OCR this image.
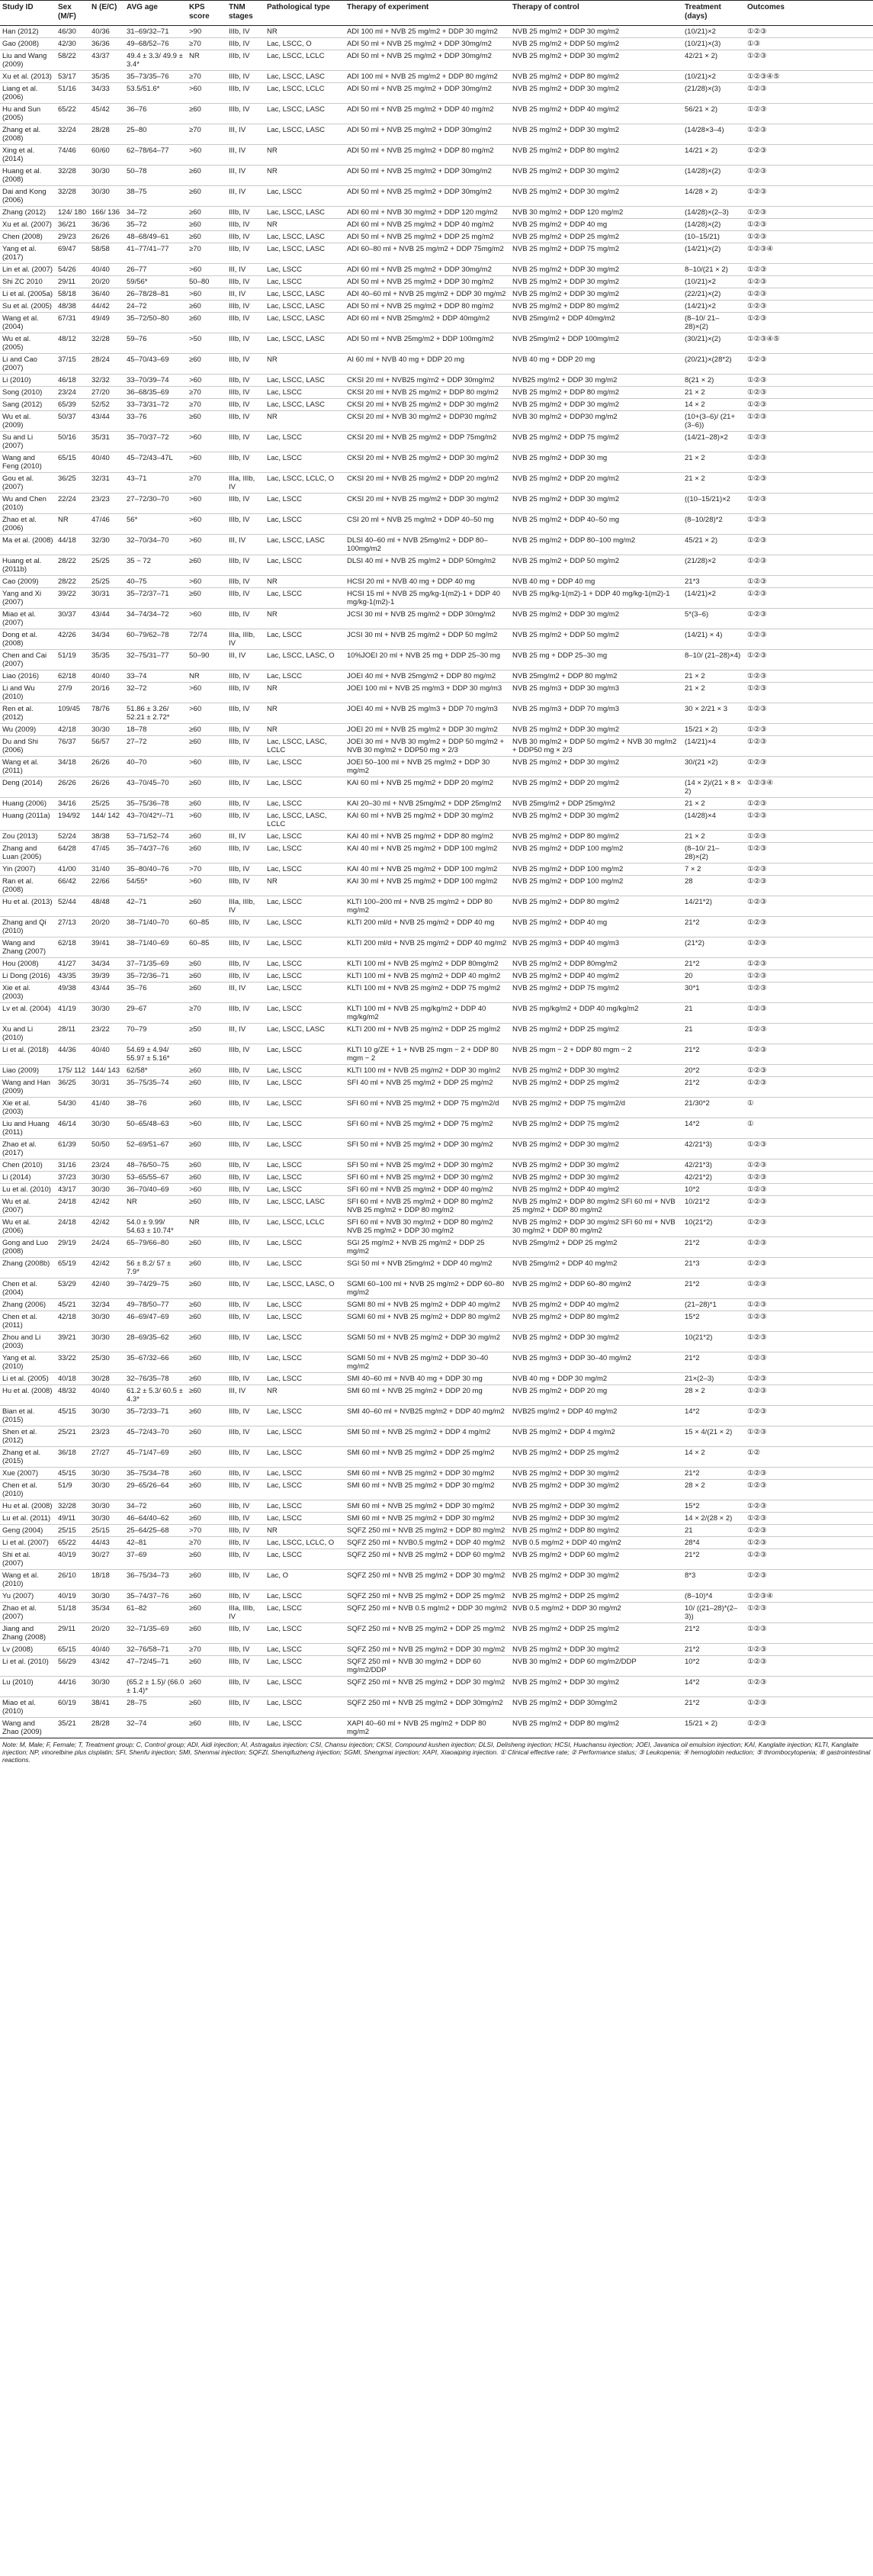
Study ID	Sex (M/F)	N (E/C)	AVG age	KPS score	TNM stages	Pathological type	Therapy of experiment	Therapy of control	Treatment (days)	Outcomes
Han (2012)	46/30	40/36	31–69/32–71	>90	IIIb, IV	NR	ADI 100 ml + NVB 25 mg/m2 + DDP 30 mg/m2	NVB 25 mg/m2 + DDP 30 mg/m2	(10/21)×2	①②③
Gao (2008)	42/30	36/36	49–68/52–76	≥70	IIIb, IV	Lac, LSCC, O	ADI 50 ml + NVB 25 mg/m2 + DDP 30mg/m2	NVB 25 mg/m2 + DDP 50 mg/m2	(10/21)×(3)	①③
Liu and Wang (2009)	58/22	43/37	49.4 ± 3.3/ 49.9 ± 3.4*	NR	IIIb, IV	Lac, LSCC, LCLC	ADI 50 ml + NVB 25 mg/m2 + DDP 30mg/m2	NVB 25 mg/m2 + DDP 30 mg/m2	42/21 × 2)	①②③
Xu et al. (2013)	53/17	35/35	35–73/35–76	≥70	IIIb, IV	Lac, LSCC, LASC	ADI 100 ml + NVB 25 mg/m2 + DDP 80 mg/m2	NVB 25 mg/m2 + DDP 80 mg/m2	(10/21)×2	①②③④⑤
Liang et al. (2006)	51/16	34/33	53.5/51.6*	>60	IIIb, IV	Lac, LSCC, LCLC	ADI 50 ml + NVB 25 mg/m2 + DDP 30mg/m2	NVB 25 mg/m2 + DDP 30 mg/m2	(21/28)×(3)	①②③
Hu and Sun (2005)	65/22	45/42	36–76	≥60	IIIb, IV	Lac, LSCC, LASC	ADI 50 ml + NVB 25 mg/m2 + DDP 40 mg/m2	NVB 25 mg/m2 + DDP 40 mg/m2	56/21 × 2)	①②③
Zhang et al. (2008)	32/24	28/28	25–80	≥70	III, IV	Lac, LSCC, LASC	ADI 50 ml + NVB 25 mg/m2 + DDP 30mg/m2	NVB 25 mg/m2 + DDP 30 mg/m2	(14/28×3–4)	①②③
Xing et al. (2014)	74/46	60/60	62–78/64–77	>60	III, IV	NR	ADI 50 ml + NVB 25 mg/m2 + DDP 80 mg/m2	NVB 25 mg/m2 + DDP 80 mg/m2	14/21 × 2)	①②③
Huang et al. (2008)	32/28	30/30	50–78	≥60	III, IV	NR	ADI 50 ml + NVB 25 mg/m2 + DDP 30mg/m2	NVB 25 mg/m2 + DDP 30 mg/m2	(14/28)×(2)	①②③
Dai and Kong (2006)	32/28	30/30	38–75	≥60	III, IV	Lac, LSCC	ADI 50 ml + NVB 25 mg/m2 + DDP 30mg/m2	NVB 25 mg/m2 + DDP 30 mg/m2	14/28 × 2)	①②③
Zhang (2012)	124/ 180	166/ 136	34–72	≥60	IIIb, IV	Lac, LSCC, LASC	ADI 60 ml + NVB 30 mg/m2 + DDP 120 mg/m2	NVB 30 mg/m2 + DDP 120 mg/m2	(14/28)×(2–3)	①②③
Xu et al. (2007)	36/21	36/36	35–72	≥60	IIIb, IV	NR	ADI 60 ml + NVB 25 mg/m2 + DDP 40 mg/m2	NVB 25 mg/m2 + DDP 40 mg	(14/28)×(2)	①②③
Chen (2008)	29/23	26/26	48–68/49–61	≥60	IIIb, IV	Lac, LSCC, LASC	ADI 50 ml + NVB 25 mg/m2 + DDP 25 mg/m2	NVB 25 mg/m2 + DDP 25 mg/m2	(10–15/21)	①②③
Yang et al. (2017)	69/47	58/58	41–77/41–77	≥70	IIIb, IV	Lac, LSCC, LASC	ADI 60–80 ml + NVB 25 mg/m2 + DDP 75mg/m2	NVB 25 mg/m2 + DDP 75 mg/m2	(14/21)×(2)	①②③④
Lin et al. (2007)	54/26	40/40	26–77	>60	III, IV	Lac, LSCC	ADI 60 ml + NVB 25 mg/m2 + DDP 30mg/m2	NVB 25 mg/m2 + DDP 30 mg/m2	8–10/(21 × 2)	①②③
Shi ZC 2010	29/11	20/20	59/56*	50–80	IIIb, IV	Lac, LSCC	ADI 50 ml + NVB 25 mg/m2 + DDP 30 mg/m2	NVB 25 mg/m2 + DDP 30 mg/m2	(10/21)×2	①②③
Li et al. (2005a)	58/18	36/40	26–78/28–81	>60	III, IV	Lac, LSCC, LASC	ADI 40–60 ml + NVB 25 mg/m2 + DDP 30 mg/m2	NVB 25 mg/m2 + DDP 30 mg/m2	(22/21)×(2)	①②③
Su et al. (2005)	48/38	44/42	24–72	≥60	IIIb, IV	Lac, LSCC, LASC	ADI 50 ml + NVB 25 mg/m2 + DDP 80 mg/m2	NVB 25 mg/m2 + DDP 80 mg/m2	(14/21)×2	①②③
Wang et al. (2004)	67/31	49/49	35–72/50–80	≥60	IIIb, IV	Lac, LSCC, LASC	ADI 60 ml + NVB 25mg/m2 + DDP 40mg/m2	NVB 25mg/m2 + DDP 40mg/m2	(8–10/ 21–28)×(2)	①②③
Wu et al. (2005)	48/12	32/28	59–76	>50	IIIb, IV	Lac, LSCC, LASC	ADI 50 ml + NVB 25mg/m2 + DDP 100mg/m2	NVB 25mg/m2 + DDP 100mg/m2	(30/21)×(2)	①②③④⑤
Li and Cao (2007)	37/15	28/24	45–70/43–69	≥60	IIIb, IV	NR	AI 60 ml + NVB 40 mg + DDP 20 mg	NVB 40 mg + DDP 20 mg	(20/21)×(28*2)	①②③
Li (2010)	46/18	32/32	33–70/39–74	>60	IIIb, IV	Lac, LSCC, LASC	CKSI 20 ml + NVB25 mg/m2 + DDP 30mg/m2	NVB25 mg/m2 + DDP 30 mg/m2	8(21 × 2)	①②③
Song (2010)	23/24	27/20	36–68/35–69	≥70	IIIb, IV	Lac, LSCC	CKSI 20 ml + NVB 25 mg/m2 + DDP 80 mg/m2	NVB 25 mg/m2 + DDP 80 mg/m2	21 × 2	①②③
Sang (2012)	65/39	52/52	33–73/31–72	≥70	IIIb, IV	Lac, LSCC, LASC	CKSI 20 ml + NVB 25 mg/m2 + DDP 30 mg/m2	NVB 25 mg/m2 + DDP 30 mg/m2	14 × 2	①②③
Wu et al. (2009)	50/37	43/44	33–76	≥60	IIIb, IV	NR	CKSI 20 ml + NVB 30 mg/m2 + DDP30 mg/m2	NVB 30 mg/m2 + DDP30 mg/m2	(10+(3–6)/ (21+(3–6))	①②③
Su and Li (2007)	50/16	35/31	35–70/37–72	>60	IIIb, IV	Lac, LSCC	CKSI 20 ml + NVB 25 mg/m2 + DDP 75mg/m2	NVB 25 mg/m2 + DDP 75 mg/m2	(14/21–28)×2	①②③
Wang and Feng (2010)	65/15	40/40	45–72/43–47L	>60	IIIb, IV	Lac, LSCC	CKSI 20 ml + NVB 25 mg/m2 + DDP 30 mg/m2	NVB 25 mg/m2 + DDP 30 mg	21 × 2	①②③
Gou et al. (2007)	36/25	32/31	43–71	≥70	IIIa, IIIb, IV	Lac, LSCC, LCLC, O	CKSI 20 ml + NVB 25 mg/m2 + DDP 20 mg/m2	NVB 25 mg/m2 + DDP 20 mg/m2	21 × 2	①②③
Wu and Chen (2010)	22/24	23/23	27–72/30–70	>60	IIIb, IV	Lac, LSCC	CKSI 20 ml + NVB 25 mg/m2 + DDP 30 mg/m2	NVB 25 mg/m2 + DDP 30 mg/m2	((10–15/21)×2	①②③
Zhao et al. (2006)	NR	47/46	56*	>60	IIIb, IV	Lac, LSCC	CSI 20 ml + NVB 25 mg/m2 + DDP 40–50 mg	NVB 25 mg/m2 + DDP 40–50 mg	(8–10/28)*2	①②③
Ma et al. (2008)	44/18	32/30	32–70/34–70	>60	III, IV	Lac, LSCC, LASC	DLSI 40–60 ml + NVB 25mg/m2 + DDP 80–100mg/m2	NVB 25 mg/m2 + DDP 80–100 mg/m2	45/21 × 2)	①②③
Huang et al. (2011b)	28/22	25/25	35 ~ 72	≥60	IIIb, IV	Lac, LSCC	DLSI 40 ml + NVB 25 mg/m2 + DDP 50mg/m2	NVB 25 mg/m2 + DDP 50 mg/m2	(21/28)×2	①②③
Cao (2009)	28/22	25/25	40–75	>60	IIIb, IV	NR	HCSI 20 ml + NVB 40 mg + DDP 40 mg	NVB 40 mg + DDP 40 mg	21*3	①②③
Yang and Xi (2007)	39/22	30/31	35–72/37–71	≥60	IIIb, IV	Lac, LSCC	HCSI 15 ml + NVB 25 mg/kg-1(m2)-1 + DDP 40 mg/kg-1(m2)-1	NVB 25 mg/kg-1(m2)-1 + DDP 40 mg/kg-1(m2)-1	(14/21)×2	①②③
Miao et al. (2007)	30/37	43/44	34–74/34–72	>60	IIIb, IV	NR	JCSI 30 ml + NVB 25 mg/m2 + DDP 30mg/m2	NVB 25 mg/m2 + DDP 30 mg/m2	5*(3–6)	①②③
Dong et al. (2008)	42/26	34/34	60–79/62–78	72/74	IIIa, IIIb, IV	Lac, LSCC	JCSI 30 ml + NVB 25 mg/m2 + DDP 50 mg/m2	NVB 25 mg/m2 + DDP 50 mg/m2	(14/21) × 4)	①②③
Chen and Cai (2007)	51/19	35/35	32–75/31–77	50–90	III, IV	Lac, LSCC, LASC, O	10%JOEI 20 ml + NVB 25 mg + DDP 25–30 mg	NVB 25 mg + DDP 25–30 mg	8–10/ (21–28)×4)	①②③
Liao (2016)	62/18	40/40	33–74	NR	IIIb, IV	Lac, LSCC	JOEI 40 ml + NVB 25mg/m2 + DDP 80 mg/m2	NVB 25mg/m2 + DDP 80 mg/m2	21 × 2	①②③
Li and Wu (2010)	27/9	20/16	32–72	>60	IIIb, IV	NR	JOEI 100 ml + NVB 25 mg/m3 + DDP 30 mg/m3	NVB 25 mg/m3 + DDP 30 mg/m3	21 × 2	①②③
Ren et al. (2012)	109/45	78/76	51.86 ± 3.26/ 52.21 ± 2.72*	>60	IIIb, IV	NR	JOEI 40 ml + NVB 25 mg/m3 + DDP 70 mg/m3	NVB 25 mg/m3 + DDP 70 mg/m3	30 × 2/21 × 3	①②③
Wu (2009)	42/18	30/30	18–78	≥60	IIIb, IV	NR	JOEI 20 ml + NVB 25 mg/m2 + DDP 30 mg/m2	NVB 25 mg/m2 + DDP 30 mg/m2	15/21 × 2)	①②③
Du and Shi (2006)	76/37	56/57	27–72	≥60	IIIb, IV	Lac, LSCC, LASC, LCLC	JOEI 30 ml + NVB 30 mg/m2 + DDP 50 mg/m2 + NVB 30 mg/m2 + DDP50 mg × 2/3	NVB 30 mg/m2 + DDP 50 mg/m2 + NVB 30 mg/m2 + DDP50 mg × 2/3	(14/21)×4	①②③
Wang et al. (2011)	34/18	26/26	40–70	>60	IIIb, IV	Lac, LSCC	JOEI 50–100 ml + NVB 25 mg/m2 + DDP 30 mg/m2	NVB 25 mg/m2 + DDP 30 mg/m2	30/(21 ×2)	①②③
Deng (2014)	26/26	26/26	43–70/45–70	≥60	IIIb, IV	Lac, LSCC	KAI 60 ml + NVB 25 mg/m2 + DDP 20 mg/m2	NVB 25 mg/m2 + DDP 20 mg/m2	(14 × 2)/(21 × 8 × 2)	①②③④
Huang (2006)	34/16	25/25	35–75/36–78	≥60	IIIb, IV	Lac, LSCC	KAI 20–30 ml + NVB 25mg/m2 + DDP 25mg/m2	NVB 25mg/m2 + DDP 25mg/m2	21 × 2	①②③
Huang (2011a)	194/92	144/ 142	43–70/42*/–71	>60	IIIb, IV	Lac, LSCC, LASC, LCLC	KAI 60 ml + NVB 25 mg/m2 + DDP 30 mg/m2	NVB 25 mg/m2 + DDP 30 mg/m2	(14/28)×4	①②③
Zou (2013)	52/24	38/38	53–71/52–74	≥60	III, IV	Lac, LSCC	KAI 40 ml + NVB 25 mg/m2 + DDP 80 mg/m2	NVB 25 mg/m2 + DDP 80 mg/m2	21 × 2	①②③
Zhang and Luan (2005)	64/28	47/45	35–74/37–76	≥60	IIIb, IV	Lac, LSCC	KAI 40 ml + NVB 25 mg/m2 + DDP 100 mg/m2	NVB 25 mg/m2 + DDP 100 mg/m2	(8–10/ 21–28)×(2)	①②③
Yin (2007)	41/00	31/40	35–80/40–76	>70	IIIb, IV	Lac, LSCC	KAI 40 ml + NVB 25 mg/m2 + DDP 100 mg/m2	NVB 25 mg/m2 + DDP 100 mg/m2	7 × 2	①②③
Ran et al. (2008)	66/42	22/66	54/55*	>60	IIIb, IV	NR	KAI 30 ml + NVB 25 mg/m2 + DDP 100 mg/m2	NVB 25 mg/m2 + DDP 100 mg/m2	28	①②③
Hu et al. (2013)	52/44	48/48	42–71	≥60	IIIa, IIIb, IV	Lac, LSCC	KLTI 100–200 ml + NVB 25 mg/m2 + DDP 80 mg/m2	NVB 25 mg/m2 + DDP 80 mg/m2	14/21*2)	①②③
Zhang and Qi (2010)	27/13	20/20	38–71/40–70	60–85	IIIb, IV	Lac, LSCC	KLTI 200 ml/d + NVB 25 mg/m2 + DDP 40 mg	NVB 25 mg/m2 + DDP 40 mg	21*2	①②③
Wang and Zhang (2007)	62/18	39/41	38–71/40–69	60–85	IIIb, IV	Lac, LSCC	KLTI 200 ml/d + NVB 25 mg/m2 + DDP 40 mg/m2	NVB 25 mg/m3 + DDP 40 mg/m3	(21*2)	①②③
Hou (2008)	41/27	34/34	37–71/35–69	≥60	IIIb, IV	Lac, LSCC	KLTI 100 ml + NVB 25 mg/m2 + DDP 80mg/m2	NVB 25 mg/m2 + DDP 80mg/m2	21*2	①②③
Li Dong (2016)	43/35	39/39	35–72/36–71	≥60	IIIb, IV	Lac, LSCC	KLTI 100 ml + NVB 25 mg/m2 + DDP 40 mg/m2	NVB 25 mg/m2 + DDP 40 mg/m2	20	①②③
Xie et al. (2003)	49/38	43/44	35–76	≥60	III, IV	Lac, LSCC	KLTI 100 ml + NVB 25 mg/m2 + DDP 75 mg/m2	NVB 25 mg/m2 + DDP 75 mg/m2	30*1	①②③
Lv et al. (2004)	41/19	30/30	29–67	≥70	IIIb, IV	Lac, LSCC	KLTI 100 ml + NVB 25 mg/kg/m2 + DDP 40 mg/kg/m2	NVB 25 mg/kg/m2 + DDP 40 mg/kg/m2	21	①②③
Xu and Li (2010)	28/11	23/22	70–79	≥50	III, IV	Lac, LSCC, LASC	KLTI 200 ml + NVB 25 mg/m2 + DDP 25 mg/m2	NVB 25 mg/m2 + DDP 25 mg/m2	21	①②③
Li et al. (2018)	44/36	40/40	54.69 ± 4.94/ 55.97 ± 5.16*	≥60	IIIb, IV	Lac, LSCC	KLTI 10 g/ZE + 1 + NVB 25 mgm − 2 + DDP 80 mgm − 2	NVB 25 mgm − 2 + DDP 80 mgm − 2	21*2	①②③
Liao (2009)	175/ 112	144/ 143	62/58*	≥60	IIIb, IV	Lac, LSCC	KLTI 100 ml + NVB 25 mg/m2 + DDP 30 mg/m2	NVB 25 mg/m2 + DDP 30 mg/m2	20*2	①②③
Wang and Han (2009)	36/25	30/31	35–75/35–74	≥60	IIIb, IV	Lac, LSCC	SFI 40 ml + NVB 25 mg/m2 + DDP 25 mg/m2	NVB 25 mg/m2 + DDP 25 mg/m2	21*2	①②③
Xie et al. (2003)	54/30	41/40	38–76	≥60	IIIb, IV	Lac, LSCC	SFI 60 ml + NVB 25 mg/m2 + DDP 75 mg/m2/d	NVB 25 mg/m2 + DDP 75 mg/m2/d	21/30*2	①
Liu and Huang (2011)	46/14	30/30	50–65/48–63	>60	IIIb, IV	Lac, LSCC	SFI 60 ml + NVB 25 mg/m2 + DDP 75 mg/m2	NVB 25 mg/m2 + DDP 75 mg/m2	14*2	①
Zhao et al. (2017)	61/39	50/50	52–69/51–67	≥60	IIIb, IV	Lac, LSCC	SFI 50 ml + NVB 25 mg/m2 + DDP 30 mg/m2	NVB 25 mg/m2 + DDP 30 mg/m2	42/21*3)	①②③
Chen (2010)	31/16	23/24	48–76/50–75	≥60	IIIb, IV	Lac, LSCC	SFI 50 ml + NVB 25 mg/m2 + DDP 30 mg/m2	NVB 25 mg/m2 + DDP 30 mg/m2	42/21*3)	①②③
Li (2014)	37/23	30/30	53–65/55–67	≥60	IIIb, IV	Lac, LSCC	SFI 60 ml + NVB 25 mg/m2 + DDP 30 mg/m2	NVB 25 mg/m2 + DDP 30 mg/m2	42/21*2)	①②③
Lu et al. (2010)	43/17	30/30	36–70/40–69	>60	IIIb, IV	Lac, LSCC	SFI 60 ml + NVB 25 mg/m2 + DDP 40 mg/m2	NVB 25 mg/m2 + DDP 40 mg/m2	10*2	①②③
Wu et al. (2007)	24/18	42/42	NR	≥60	IIIb, IV	Lac, LSCC, LASC	SFI 60 ml + NVB 25 mg/m2 + DDP 80 mg/m2 NVB 25 mg/m2 + DDP 80 mg/m2	NVB 25 mg/m2 + DDP 80 mg/m2 SFI 60 ml + NVB 25 mg/m2 + DDP 80 mg/m2	10/21*2	①②③
Wu et al. (2006)	24/18	42/42	54.0 ± 9.99/ 54.63 ± 10.74*	NR	IIIb, IV	Lac, LSCC, LCLC	SFI 60 ml + NVB 30 mg/m2 + DDP 80 mg/m2 NVB 25 mg/m2 + DDP 30 mg/m2	NVB 25 mg/m2 + DDP 30 mg/m2 SFI 60 ml + NVB 30 mg/m2 + DDP 80 mg/m2	10(21*2)	①②③
Gong and Luo (2008)	29/19	24/24	65–79/66–80	≥60	IIIb, IV	Lac, LSCC	SGI 25 mg/m2 + NVB 25 mg/m2 + DDP 25 mg/m2	NVB 25mg/m2 + DDP 25 mg/m2	21*2	①②③
Zhang (2008b)	65/19	42/42	56 ± 8.2/ 57 ± 7.9*	≥60	IIIb, IV	Lac, LSCC	SGI 50 ml + NVB 25mg/m2 + DDP 40 mg/m2	NVB 25mg/m2 + DDP 40 mg/m2	21*3	①②③
Chen et al. (2004)	53/29	42/40	39–74/29–75	≥60	IIIb, IV	Lac, LSCC, LASC, O	SGMI 60–100 ml + NVB 25 mg/m2 + DDP 60–80 mg/m2	NVB 25 mg/m2 + DDP 60–80 mg/m2	21*2	①②③
Zhang (2006)	45/21	32/34	49–78/50–77	≥60	IIIb, IV	Lac, LSCC	SGMI 80 ml + NVB 25 mg/m2 + DDP 40 mg/m2	NVB 25 mg/m2 + DDP 40 mg/m2	(21–28)*1	①②③
Chen et al. (2011)	42/18	30/30	46–69/47–69	≥60	IIIb, IV	Lac, LSCC	SGMI 60 ml + NVB 25 mg/m2 + DDP 80 mg/m2	NVB 25 mg/m2 + DDP 80 mg/m2	15*2	①②③
Zhou and Li (2003)	39/21	30/30	28–69/35–62	≥60	IIIb, IV	Lac, LSCC	SGMI 50 ml + NVB 25 mg/m2 + DDP 30 mg/m2	NVB 25 mg/m2 + DDP 30 mg/m2	10(21*2)	①②③
Yang et al. (2010)	33/22	25/30	35–67/32–66	≥60	IIIb, IV	Lac, LSCC	SGMI 50 ml + NVB 25 mg/m2 + DDP 30–40 mg/m2	NVB 25 mg/m3 + DDP 30–40 mg/m2	21*2	①②③
Li et al. (2005)	40/18	30/28	32–76/35–78	≥60	IIIb, IV	Lac, LSCC	SMI 40–60 ml + NVB 40 mg + DDP 30 mg	NVB 40 mg + DDP 30 mg/m2	21×(2–3)	①②③
Hu et al. (2008)	48/32	40/40	61.2 ± 5.3/ 60.5 ± 4.3*	≥60	III, IV	NR	SMI 60 ml + NVB 25 mg/m2 + DDP 20 mg	NVB 25 mg/m2 + DDP 20 mg	28 × 2	①②③
Bian et al. (2015)	45/15	30/30	35–72/33–71	≥60	IIIb, IV	Lac, LSCC	SMI 40–60 ml + NVB25 mg/m2 + DDP 40 mg/m2	NVB25 mg/m2 + DDP 40 mg/m2	14*2	①②③
Shen et al. (2012)	25/21	23/23	45–72/43–70	≥60	IIIb, IV	Lac, LSCC	SMI 50 ml + NVB 25 mg/m2 + DDP 4 mg/m2	NVB 25 mg/m2 + DDP 4 mg/m2	15 × 4/(21 × 2)	①②③
Zhang et al. (2015)	36/18	27/27	45–71/47–69	≥60	IIIb, IV	Lac, LSCC	SMI 60 ml + NVB 25 mg/m2 + DDP 25 mg/m2	NVB 25 mg/m2 + DDP 25 mg/m2	14 × 2	①②
Xue (2007)	45/15	30/30	35–75/34–78	≥60	IIIb, IV	Lac, LSCC	SMI 60 ml + NVB 25 mg/m2 + DDP 30 mg/m2	NVB 25 mg/m2 + DDP 30 mg/m2	21*2	①②③
Chen et al. (2010)	51/9	30/30	29–65/26–64	≥60	IIIb, IV	Lac, LSCC	SMI 60 ml + NVB 25 mg/m2 + DDP 30 mg/m2	NVB 25 mg/m2 + DDP 30 mg/m2	28 × 2	①②③
Hu et al. (2008)	32/28	30/30	34–72	≥60	IIIb, IV	Lac, LSCC	SMI 60 ml + NVB 25 mg/m2 + DDP 30 mg/m2	NVB 25 mg/m2 + DDP 30 mg/m2	15*2	①②③
Lu et al. (2011)	49/11	30/30	46–64/40–62	≥60	IIIb, IV	Lac, LSCC	SMI 60 ml + NVB 25 mg/m2 + DDP 30 mg/m2	NVB 25 mg/m2 + DDP 30 mg/m2	14 × 2/(28 × 2)	①②③
Geng (2004)	25/15	25/15	25–64/25–68	>70	IIIb, IV	NR	SQFZ 250 ml + NVB 25 mg/m2 + DDP 80 mg/m2	NVB 25 mg/m2 + DDP 80 mg/m2	21	①②③
Li et al. (2007)	65/22	44/43	42–81	≥70	IIIb, IV	Lac, LSCC, LCLC, O	SQFZ 250 ml + NVB0.5 mg/m2 + DDP 40 mg/m2	NVB 0.5 mg/m2 + DDP 40 mg/m2	28*4	①②③
Shi et al. (2007)	40/19	30/27	37–69	≥60	IIIb, IV	Lac, LSCC	SQFZ 250 ml + NVB 25 mg/m2 + DDP 60 mg/m2	NVB 25 mg/m2 + DDP 60 mg/m2	21*2	①②③
Wang et al. (2010)	26/10	18/18	36–75/34–73	≥60	IIIb, IV	Lac, O	SQFZ 250 ml + NVB 25 mg/m2 + DDP 30 mg/m2	NVB 25 mg/m2 + DDP 30 mg/m2	8*3	①②③
Yu (2007)	40/19	30/30	35–74/37–76	≥60	IIIb, IV	Lac, LSCC	SQFZ 250 ml + NVB 25 mg/m2 + DDP 25 mg/m2	NVB 25 mg/m2 + DDP 25 mg/m2	(8–10)*4	①②③④
Zhao et al. (2007)	51/18	35/34	61–82	≥60	IIIa, IIIb, IV	Lac, LSCC	SQFZ 250 ml + NVB 0.5 mg/m2 + DDP 30 mg/m2	NVB 0.5 mg/m2 + DDP 30 mg/m2	10/ ((21–28)*(2–3))	①②③
Jiang and Zhang (2008)	29/11	20/20	32–71/35–69	≥60	IIIb, IV	Lac, LSCC	SQFZ 250 ml + NVB 25 mg/m2 + DDP 25 mg/m2	NVB 25 mg/m2 + DDP 25 mg/m2	21*2	①②③
Lv (2008)	65/15	40/40	32–76/58–71	≥70	IIIb, IV	Lac, LSCC	SQFZ 250 ml + NVB 25 mg/m2 + DDP 30 mg/m2	NVB 25 mg/m2 + DDP 30 mg/m2	21*2	①②③
Li et al. (2010)	56/29	43/42	47–72/45–71	≥60	IIIb, IV	Lac, LSCC	SQFZ 250 ml + NVB 30 mg/m2 + DDP 60 mg/m2/DDP	NVB 30 mg/m2 + DDP 60 mg/m2/DDP	10*2	①②③
Lu (2010)	44/16	30/30	(65.2 ± 1.5)/ (66.0 ± 1.4)*	≥60	IIIb, IV	Lac, LSCC	SQFZ 250 ml + NVB 25 mg/m2 + DDP 30 mg/m2	NVB 25 mg/m2 + DDP 30 mg/m2	14*2	①②③
Miao et al. (2010)	60/19	38/41	28–75	≥60	IIIb, IV	Lac, LSCC	SQFZ 250 ml + NVB 25 mg/m2 + DDP 30mg/m2	NVB 25 mg/m2 + DDP 30mg/m2	21*2	①②③
Wang and Zhao (2009)	35/21	28/28	32–74	≥60	IIIb, IV	Lac, LSCC	XAPI 40–60 ml + NVB 25 mg/m2 + DDP 80 mg/m2	NVB 25 mg/m2 + DDP 80 mg/m2	15/21 × 2)	①②③
Note: M, Male; F, Female; T, Treatment group; C, Control group; ADI, Aidi injection; AI, Astragalus injection; CSI, Chansu injection; CKSI, Compound kushen injection; DLSI, Delisheng injection; HCSI, Huachansu injection; JOEI, Javanica oil emulsion injection; KAI, Kanglaite injection; KLTI, Kanglaite injection; NP, vinorelbine plus cisplatin; SFI, Shenfu injection; SMI, Shenmai injection; SQFZI, Shenqifuzheng injection; SGMI, Shengmai injection; XAPI, Xiaoaiping injection. ① Clinical effective rate; ② Performance status; ③ Leukopenia; ④ hemoglobin reduction; ⑤ thrombocytopenia; ⑥ gastrointestinal reactions.
